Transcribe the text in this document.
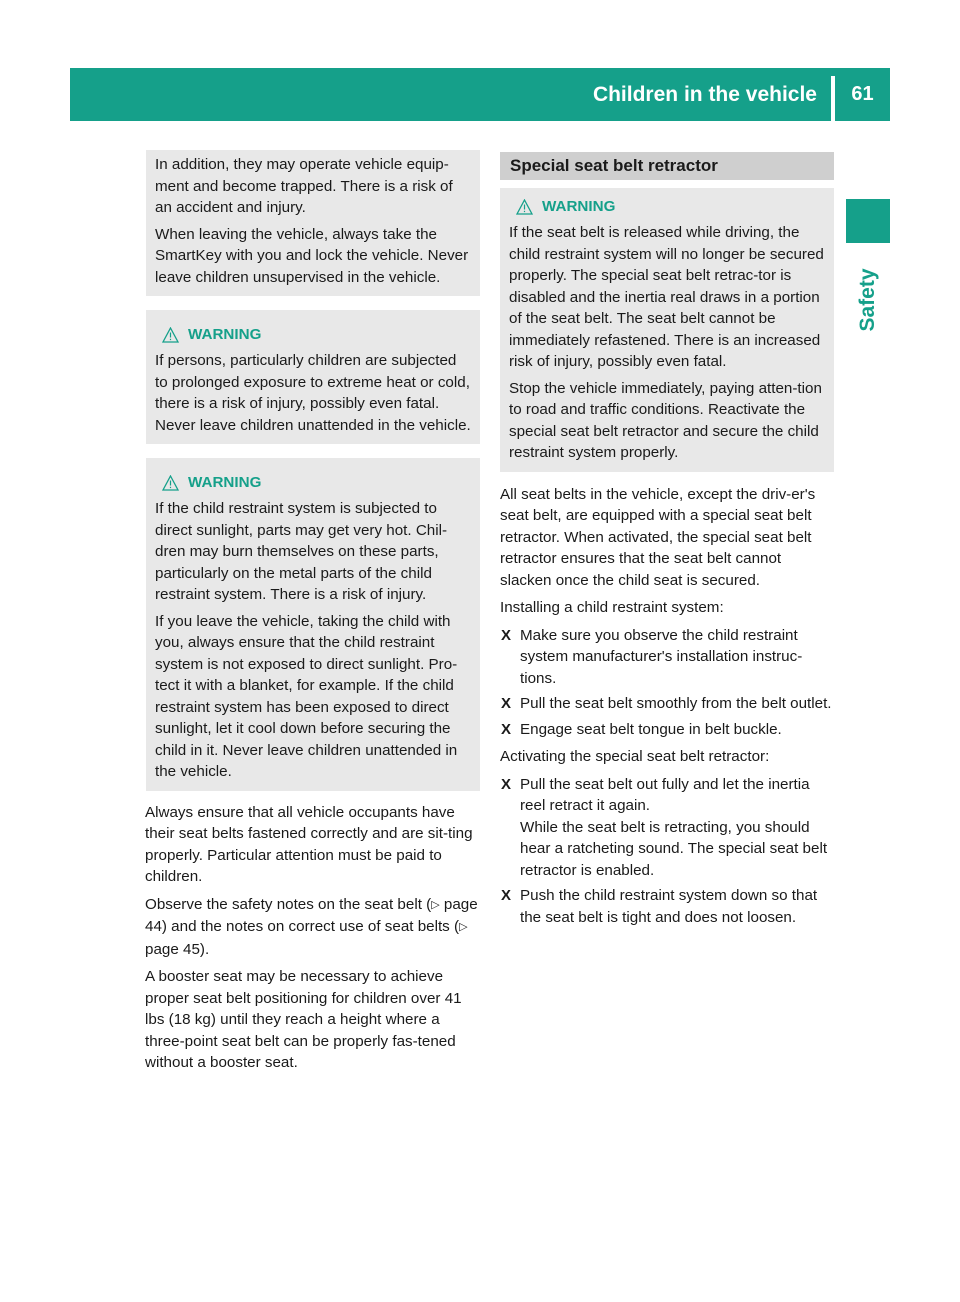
Children in the vehicle	61
Safety

In addition, they may operate vehicle equip-ment and become trapped. There is a risk of an accident and injury.

When leaving the vehicle, always take the SmartKey with you and lock the vehicle. Never leave children unsupervised in the vehicle.

WARNING

If persons, particularly children are subjected to prolonged exposure to extreme heat or cold, there is a risk of injury, possibly even fatal. Never leave children unattended in the vehicle.

WARNING

If the child restraint system is subjected to direct sunlight, parts may get very hot. Chil-dren may burn themselves on these parts, particularly on the metal parts of the child restraint system. There is a risk of injury.

If you leave the vehicle, taking the child with you, always ensure that the child restraint system is not exposed to direct sunlight. Pro-tect it with a blanket, for example. If the child restraint system has been exposed to direct sunlight, let it cool down before securing the child in it. Never leave children unattended in the vehicle.

Always ensure that all vehicle occupants have their seat belts fastened correctly and are sit-ting properly. Particular attention must be paid to children.

Observe the safety notes on the seat belt (▷ page 44) and the notes on correct use of seat belts (▷ page 45).

A booster seat may be necessary to achieve proper seat belt positioning for children over 41 lbs (18 kg) until they reach a height where a three-point seat belt can be properly fas-tened without a booster seat.

Special seat belt retractor
WARNING

If the seat belt is released while driving, the child restraint system will no longer be secured properly. The special seat belt retrac-tor is disabled and the inertia real draws in a portion of the seat belt. The seat belt cannot be immediately refastened. There is an increased risk of injury, possibly even fatal.

Stop the vehicle immediately, paying atten-tion to road and traffic conditions. Reactivate the special seat belt retractor and secure the child restraint system properly.

All seat belts in the vehicle, except the driv-er's seat belt, are equipped with a special seat belt retractor. When activated, the special seat belt retractor ensures that the seat belt cannot slacken once the child seat is secured.

Installing a child restraint system:

X Make sure you observe the child restraint system manufacturer's installation instruc-tions.

X Pull the seat belt smoothly from the belt outlet.

X Engage seat belt tongue in belt buckle.

Activating the special seat belt retractor:

X Pull the seat belt out fully and let the inertia reel retract it again.

While the seat belt is retracting, you should hear a ratcheting sound. The special seat belt retractor is enabled.

X Push the child restraint system down so that the seat belt is tight and does not loosen.
